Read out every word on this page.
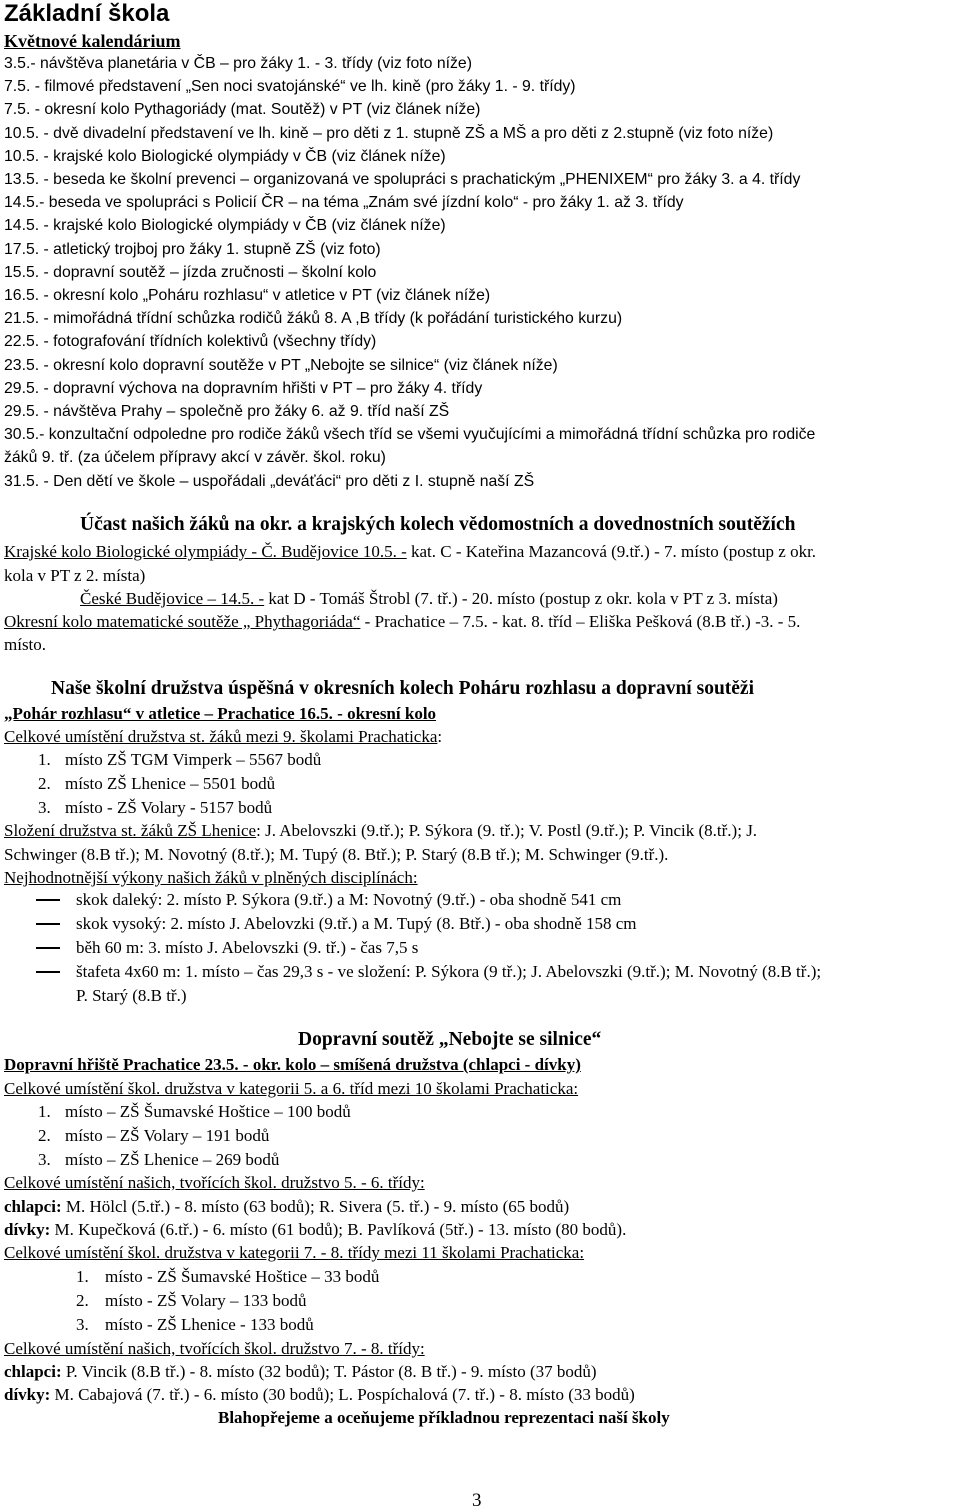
Základní škola
Květnové kalendárium
3.5.- návštěva planetária v ČB – pro žáky 1. - 3. třídy (viz foto níže)
7.5. - filmové představení „Sen noci svatojánské“ ve lh. kině (pro žáky 1. - 9. třídy)
7.5. - okresní kolo Pythagoriády (mat. Soutěž) v PT (viz článek níže)
10.5. - dvě divadelní představení ve lh. kině – pro děti z 1. stupně ZŠ a MŠ a pro děti z 2.stupně (viz foto níže)
10.5. - krajské kolo Biologické olympiády v ČB (viz článek níže)
13.5. - beseda ke školní prevenci – organizovaná ve spolupráci s prachatickým „PHENIXEM“ pro žáky 3. a 4. třídy
14.5.- beseda ve spolupráci s Policií ČR – na téma „Znám své jízdní kolo“ - pro žáky 1. až 3. třídy
14.5. - krajské kolo Biologické olympiády v ČB (viz článek níže)
17.5. - atletický trojboj pro žáky 1. stupně ZŠ (viz foto)
15.5. - dopravní soutěž – jízda zručnosti – školní kolo
16.5. - okresní kolo „Poháru rozhlasu“ v atletice v PT (viz článek níže)
21.5. - mimořádná třídní schůzka rodičů žáků 8. A ,B třídy (k pořádání turistického kurzu)
22.5. - fotografování třídních kolektivů (všechny třídy)
23.5. - okresní kolo dopravní soutěže v PT „Nebojte se silnice“ (viz článek níže)
29.5. - dopravní výchova na dopravním hřišti v PT – pro žáky 4. třídy
29.5. - návštěva Prahy – společně pro žáky 6. až 9. tříd naší ZŠ
30.5.- konzultační odpoledne pro rodiče žáků všech tříd se všemi vyučujícími a mimořádná třídní schůzka pro rodiče
žáků 9. tř. (za účelem přípravy akcí v závěr. škol. roku)
31.5. - Den dětí ve škole – uspořádali „deváťáci“ pro děti z I. stupně naší ZŠ
Účast našich žáků na okr. a krajských kolech vědomostních a dovednostních soutěžích
Krajské kolo Biologické olympiády - Č. Budějovice 10.5. - kat. C - Kateřina Mazancová (9.tř.) - 7. místo (postup z okr.
kola v PT z 2. místa)
České Budějovice – 14.5. - kat D - Tomáš Štrobl (7. tř.) - 20. místo (postup z okr. kola v PT z 3. místa)
Okresní kolo matematické soutěže „ Phythagoriáda“ - Prachatice – 7.5. - kat. 8. tříd – Eliška Pešková (8.B tř.) -3. - 5.
místo.
Naše školní družstva úspěšná v okresních kolech Poháru rozhlasu a dopravní soutěži
„Pohár rozhlasu“ v atletice – Prachatice 16.5. - okresní kolo
Celkové umístění družstva st. žáků mezi 9. školami Prachaticka:
1. místo ZŠ TGM Vimperk – 5567 bodů
2. místo ZŠ Lhenice – 5501 bodů
3. místo - ZŠ Volary - 5157 bodů
Složení družstva st. žáků ZŠ Lhenice: J. Abelovszki (9.tř.); P. Sýkora (9. tř.); V. Postl (9.tř.); P. Vincik (8.tř.); J.
Schwinger (8.B tř.); M. Novotný (8.tř.); M. Tupý (8. Btř.); P. Starý (8.B tř.); M. Schwinger (9.tř.).
Nejhodnotnější výkony našich žáků v plněných disciplínách:
skok daleký: 2. místo P. Sýkora (9.tř.) a M: Novotný (9.tř.) - oba shodně 541 cm
skok vysoký: 2. místo J. Abelovzki (9.tř.) a M. Tupý (8. Btř.) - oba shodně 158 cm
běh 60 m: 3. místo J. Abelovszki (9. tř.) - čas 7,5 s
štafeta 4x60 m: 1. místo – čas 29,3 s - ve složení: P. Sýkora (9 tř.); J. Abelovszki (9.tř.); M. Novotný (8.B tř.);
P. Starý (8.B tř.)
Dopravní soutěž „Nebojte se silnice“
Dopravní hřiště Prachatice 23.5. - okr. kolo – smíšená družstva (chlapci - dívky)
Celkové umístění škol. družstva v kategorii 5. a 6. tříd mezi 10 školami Prachaticka:
1. místo – ZŠ Šumavské Hoštice – 100 bodů
2. místo – ZŠ Volary – 191 bodů
3. místo – ZŠ Lhenice – 269 bodů
Celkové umístění našich, tvořících škol. družstvo 5. - 6. třídy:
chlapci: M. Hölcl (5.tř.) - 8. místo (63 bodů); R. Sivera (5. tř.) - 9. místo (65 bodů)
dívky: M. Kupečková (6.tř.) - 6. místo (61 bodů); B. Pavlíková (5tř.) - 13. místo (80 bodů).
Celkové umístění škol. družstva v kategorii 7. - 8. třídy mezi 11 školami Prachaticka:
1. místo - ZŠ Šumavské Hoštice – 33 bodů
2. místo - ZŠ Volary – 133 bodů
3. místo - ZŠ Lhenice - 133 bodů
Celkové umístění našich, tvořících škol. družstvo 7. - 8. třídy:
chlapci: P. Vincik (8.B tř.) - 8. místo (32 bodů); T. Pástor (8. B tř.) - 9. místo (37 bodů)
dívky: M. Cabajová (7. tř.) - 6. místo (30 bodů); L. Pospíchalová (7. tř.) - 8. místo (33 bodů)
Blahopřejeme a oceňujeme příkladnou reprezentaci naší školy
3
